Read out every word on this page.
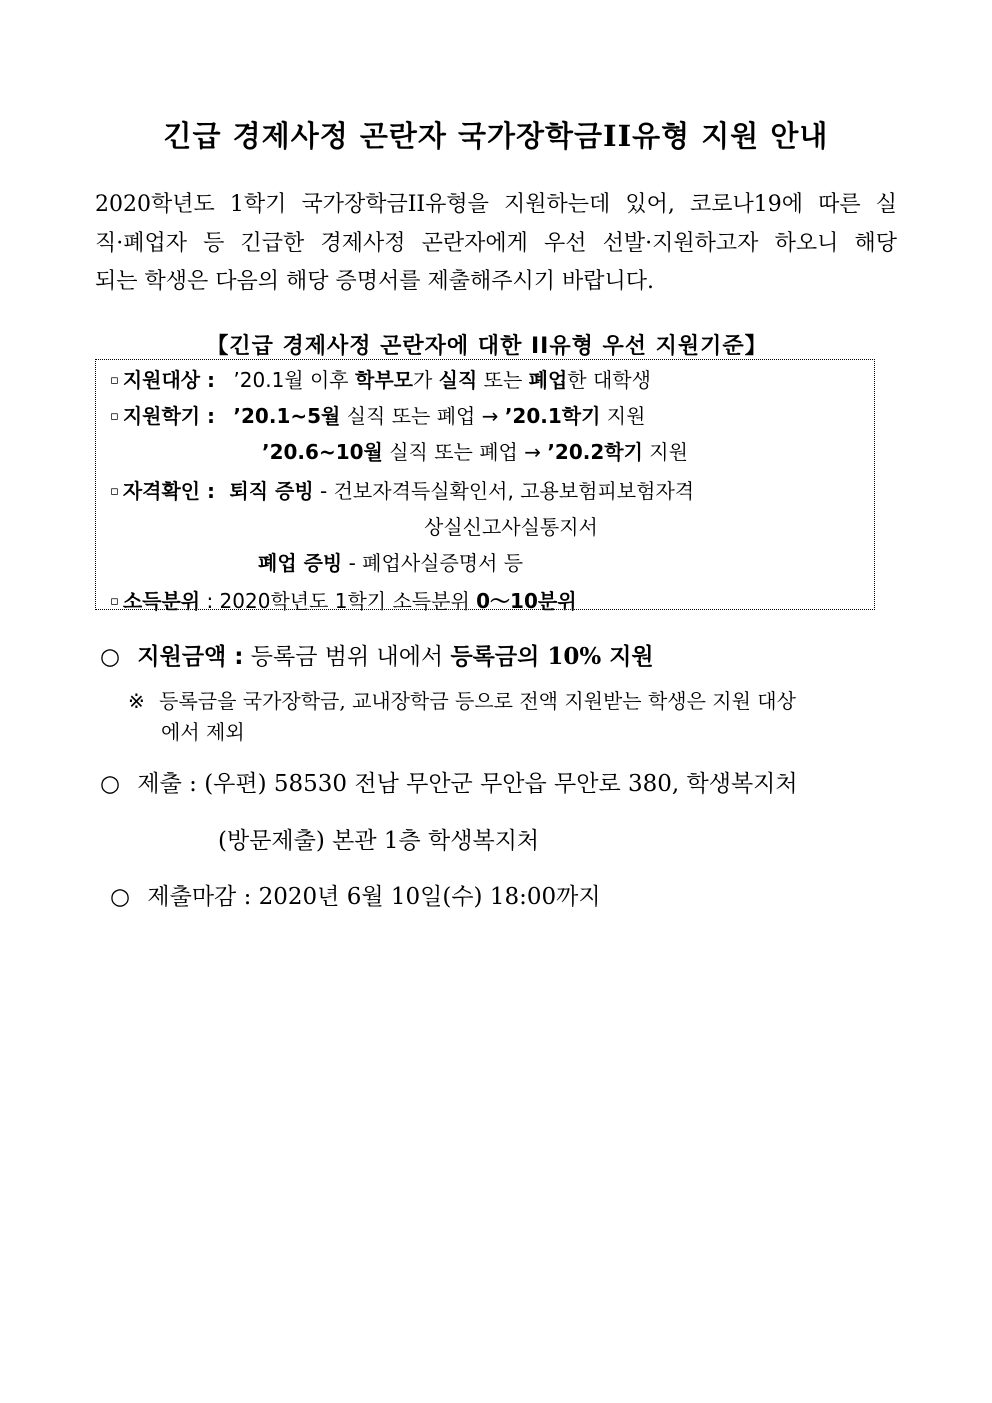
긴급 경제사정 곤란자 국가장학금II유형 지원 안내
2020학년도 1학기 국가장학금II유형을 지원하는데 있어, 코로나19에 따른 실
직·폐업자 등 긴급한 경제사정 곤란자에게 우선 선발·지원하고자 하오니 해당
되는 학생은 다음의 해당 증명서를 제출해주시기 바랍니다.
【긴급 경제사정 곤란자에 대한 II유형 우선 지원기준】
▫ 지원대상 : ’20.1월 이후 학부모가 실직 또는 폐업한 대학생
▫ 지원학기 : ’20.1~5월 실직 또는 폐업 → ’20.1학기 지원
’20.6~10월 실직 또는 폐업 → ’20.2학기 지원
▫ 자격확인 : 퇴직 증빙 - 건보자격득실확인서, 고용보험피보험자격
상실신고사실통지서
폐업 증빙 - 폐업사실증명서 등
▫ 소득분위 : 2020학년도 1학기 소득분위 0～10분위
○ 지원금액 : 등록금 범위 내에서 등록금의 10% 지원
※ 등록금을 국가장학금, 교내장학금 등으로 전액 지원받는 학생은 지원 대상
에서 제외
○ 제출 : (우편) 58530 전남 무안군 무안읍 무안로 380, 학생복지처
(방문제출) 본관 1층 학생복지처
○ 제출마감 : 2020년 6월 10일(수) 18:00까지
